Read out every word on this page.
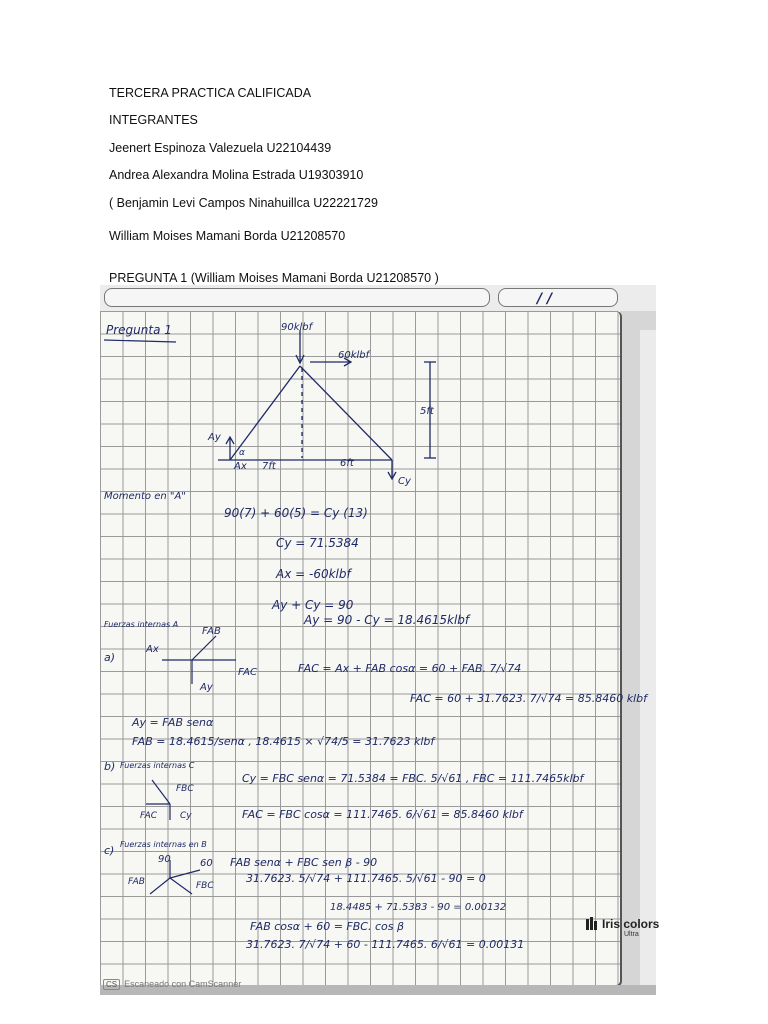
TERCERA PRACTICA CALIFICADA
INTEGRANTES
Jeenert Espinoza Valezuela U22104439
Andrea Alexandra Molina Estrada U19303910
( Benjamin Levi Campos Ninahuillca U22221729
William Moises Mamani Borda U21208570
PREGUNTA 1 (William Moises Mamani Borda U21208570 )
/ /
Pregunta 1	90klbf
60klbf
5ft
7ft	6ft
Ay
Ax
α
Cy
Momento en "A"
90(7) + 60(5) = Cy (13)
Cy = 71.5384
Ax = -60klbf
Ay + Cy = 90
Ay = 90 - Cy = 18.4615klbf
Fuerzas internas A
a)
Ax
FAB
FAC
Ay
FAC = Ax + FAB cosα = 60 + FAB. 7/√74
FAC = 60 + 31.7623. 7/√74 = 85.8460 klbf
Ay = FAB senα
FAB = 18.4615/senα , 18.4615 × √74/5 = 31.7623 klbf
b) Fuerzas internas C
FBC
FAC	Cy
Cy = FBC senα = 71.5384 = FBC. 5/√61 , FBC = 111.7465klbf
FAC = FBC cosα = 111.7465. 6/√61 = 85.8460 klbf
c) Fuerzas internas en B
90	60
FAB	FBC
FAB senα + FBC sen β - 90
31.7623. 5/√74 + 111.7465. 5/√61 - 90 = 0
18.4485 + 71.5383 - 90 = 0.00132
FAB cosα + 60 = FBC. cos β
31.7623. 7/√74 + 60 - 111.7465. 6/√61 = 0.00131
Iris colors
Ultra
CS Escaneado con CamScanner
